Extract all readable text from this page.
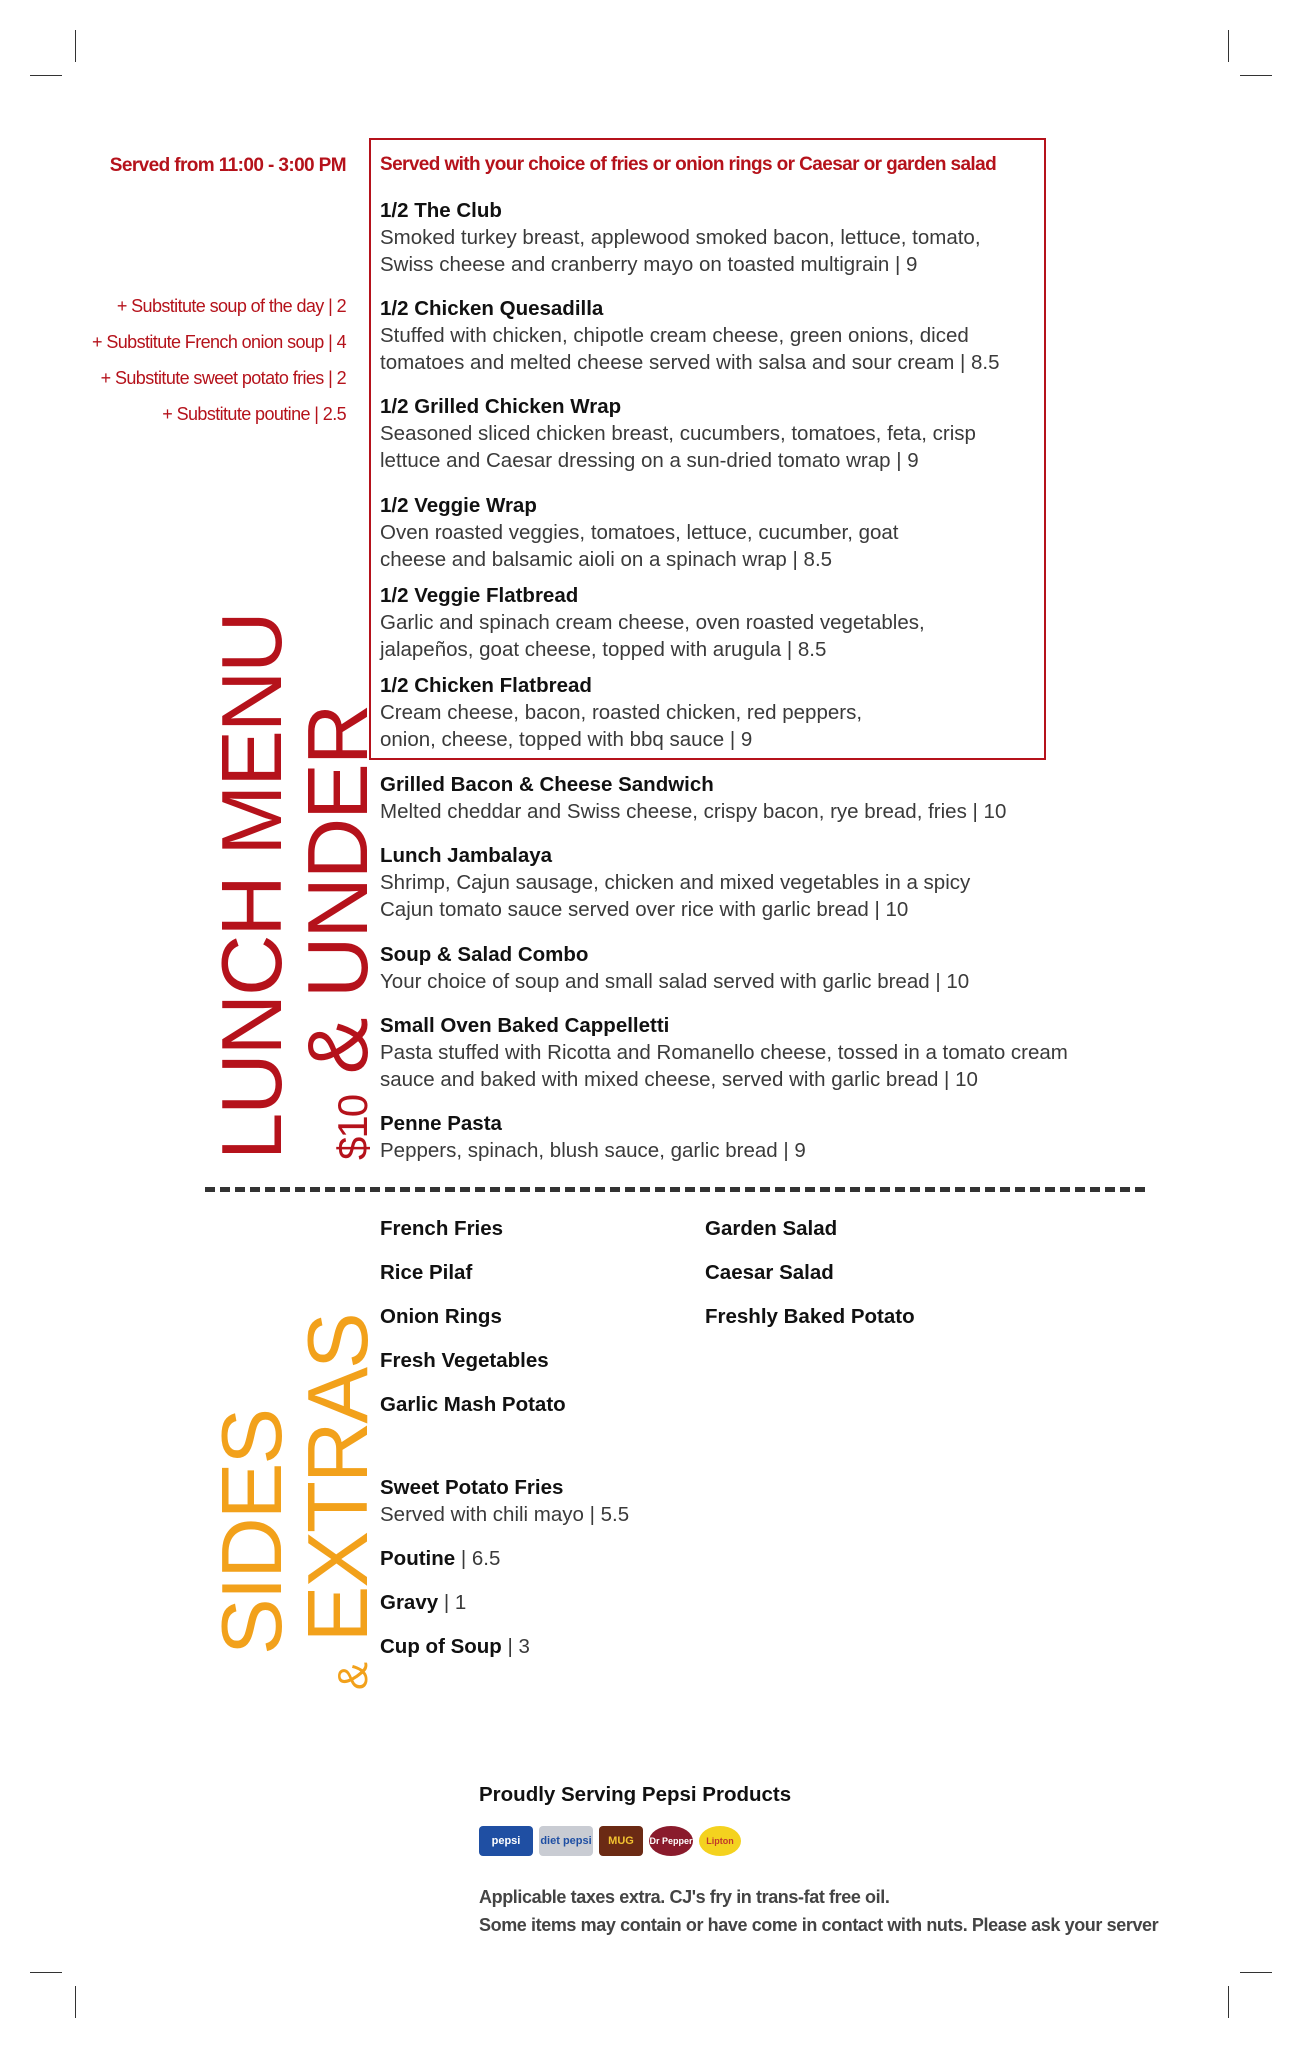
Served from 11:00 - 3:00 PM
+ Substitute soup of the day | 2
+ Substitute French onion soup | 4
+ Substitute sweet potato fries | 2
+ Substitute poutine | 2.5
LUNCH MENU $10 & UNDER
SIDES
& EXTRAS
Served with your choice of fries or onion rings or Caesar or garden salad
1/2 The Club
Smoked turkey breast, applewood smoked bacon, lettuce, tomato,
Swiss cheese and cranberry mayo on toasted multigrain | 9
1/2 Chicken Quesadilla
Stuffed with chicken, chipotle cream cheese, green onions, diced
tomatoes and melted cheese served with salsa and sour cream | 8.5
1/2 Grilled Chicken Wrap
Seasoned sliced chicken breast, cucumbers, tomatoes, feta, crisp
lettuce and Caesar dressing on a sun-dried tomato wrap | 9
1/2 Veggie Wrap
Oven roasted veggies, tomatoes, lettuce, cucumber, goat
cheese and balsamic aioli on a spinach wrap | 8.5
1/2 Veggie Flatbread
Garlic and spinach cream cheese, oven roasted vegetables,
jalapeños, goat cheese, topped with arugula | 8.5
1/2 Chicken Flatbread
Cream cheese, bacon, roasted chicken, red peppers,
onion, cheese, topped with bbq sauce | 9
Grilled Bacon & Cheese Sandwich
Melted cheddar and Swiss cheese, crispy bacon, rye bread, fries | 10
Lunch Jambalaya
Shrimp, Cajun sausage, chicken and mixed vegetables in a spicy
Cajun tomato sauce served over rice with garlic bread | 10
Soup & Salad Combo
Your choice of soup and small salad served with garlic bread | 10
Small Oven Baked Cappelletti
Pasta stuffed with Ricotta and Romanello cheese, tossed in a tomato cream
sauce and baked with mixed cheese, served with garlic bread | 10
Penne Pasta
Peppers, spinach, blush sauce, garlic bread | 9
French Fries
Rice Pilaf
Onion Rings
Fresh Vegetables
Garlic Mash Potato
Garden Salad
Caesar Salad
Freshly Baked Potato
Sweet Potato Fries
Served with chili mayo | 5.5
Poutine | 6.5
Gravy | 1
Cup of Soup | 3
Proudly Serving Pepsi Products
pepsi	diet pepsi	MUG	Dr Pepper	Lipton
Applicable taxes extra. CJ's fry in trans-fat free oil.
Some items may contain or have come in contact with nuts. Please ask your server
